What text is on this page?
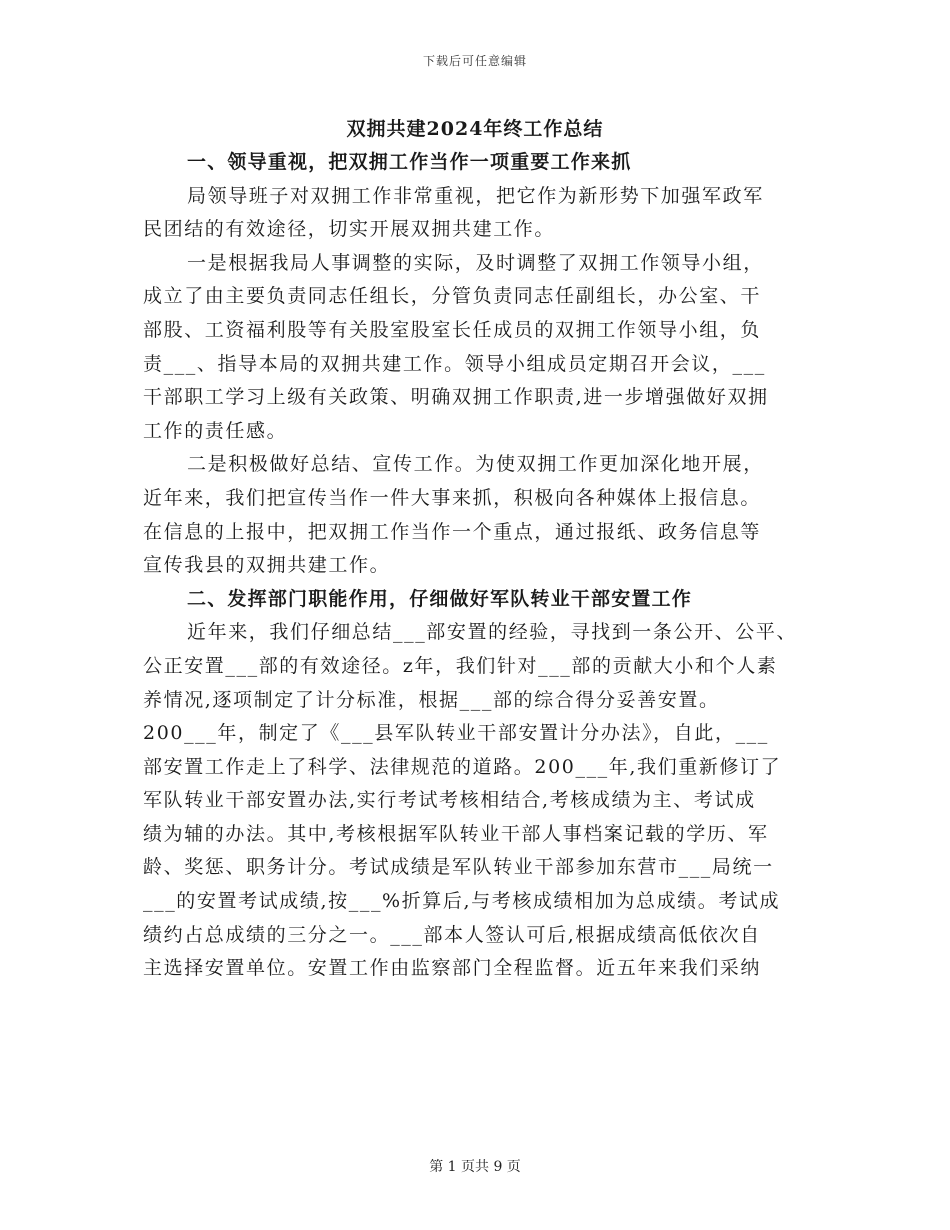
下载后可任意编辑
双拥共建2024年终工作总结
一、领导重视，把双拥工作当作一项重要工作来抓
局领导班子对双拥工作非常重视，把它作为新形势下加强军政军
民团结的有效途径，切实开展双拥共建工作。
一是根据我局人事调整的实际，及时调整了双拥工作领导小组，
成立了由主要负责同志任组长，分管负责同志任副组长，办公室、干
部股、工资福利股等有关股室股室长任成员的双拥工作领导小组，负
责___、指导本局的双拥共建工作。领导小组成员定期召开会议，___
干部职工学习上级有关政策、明确双拥工作职责,进一步增强做好双拥
工作的责任感。
二是积极做好总结、宣传工作。为使双拥工作更加深化地开展，
近年来，我们把宣传当作一件大事来抓，积极向各种媒体上报信息。
在信息的上报中，把双拥工作当作一个重点，通过报纸、政务信息等
宣传我县的双拥共建工作。
二、发挥部门职能作用，仔细做好军队转业干部安置工作
近年来，我们仔细总结___部安置的经验，寻找到一条公开、公平、
公正安置___部的有效途径。z年，我们针对___部的贡献大小和个人素
养情况,逐项制定了计分标准，根据___部的综合得分妥善安置。
200___年，制定了《___县军队转业干部安置计分办法》，自此，___
部安置工作走上了科学、法律规范的道路。200___年,我们重新修订了
军队转业干部安置办法,实行考试考核相结合,考核成绩为主、考试成
绩为辅的办法。其中,考核根据军队转业干部人事档案记载的学历、军
龄、奖惩、职务计分。考试成绩是军队转业干部参加东营市___局统一
___的安置考试成绩,按___%折算后,与考核成绩相加为总成绩。考试成
绩约占总成绩的三分之一。___部本人签认可后,根据成绩高低依次自
主选择安置单位。安置工作由监察部门全程监督。近五年来我们采纳
第 1 页共 9 页
